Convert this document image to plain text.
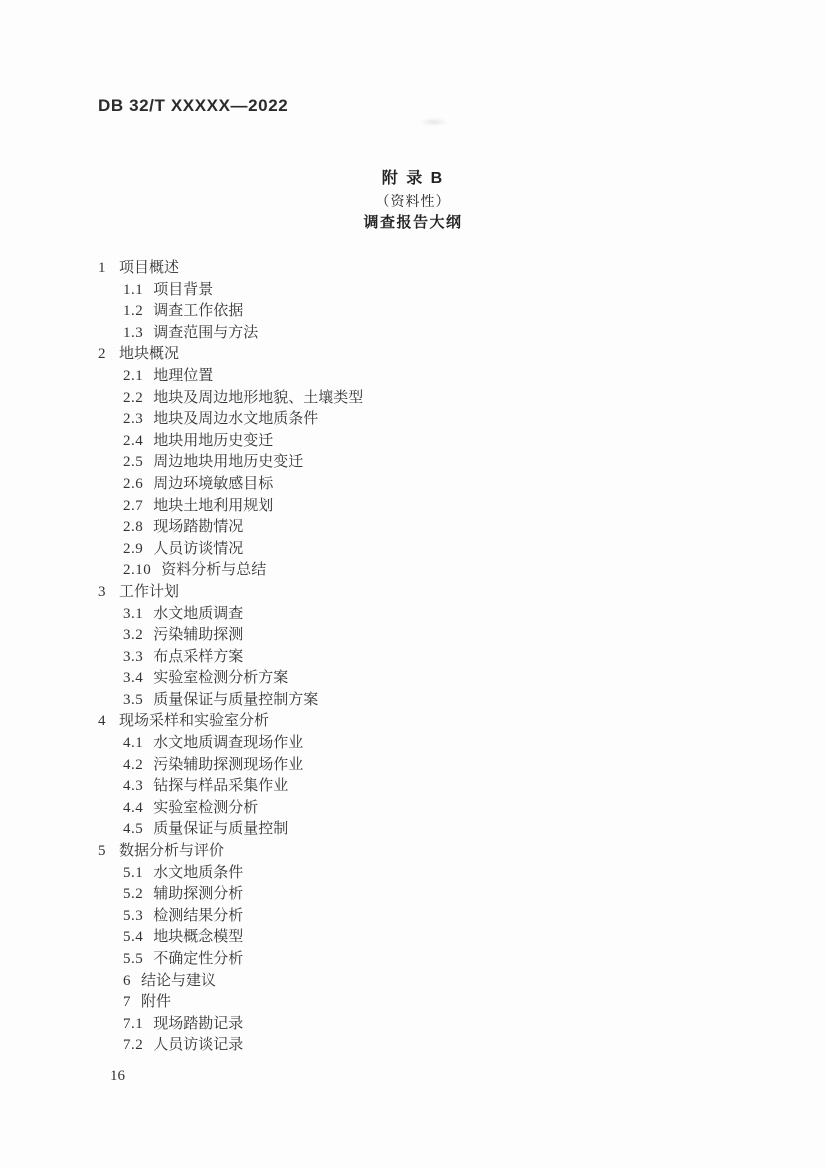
DB 32/T XXXXX—2022
附 录 B
（资料性）
调查报告大纲
1 项目概述
1.1 项目背景
1.2 调查工作依据
1.3 调查范围与方法
2 地块概况
2.1 地理位置
2.2 地块及周边地形地貌、土壤类型
2.3 地块及周边水文地质条件
2.4 地块用地历史变迁
2.5 周边地块用地历史变迁
2.6 周边环境敏感目标
2.7 地块土地利用规划
2.8 现场踏勘情况
2.9 人员访谈情况
2.10 资料分析与总结
3 工作计划
3.1 水文地质调查
3.2 污染辅助探测
3.3 布点采样方案
3.4 实验室检测分析方案
3.5 质量保证与质量控制方案
4 现场采样和实验室分析
4.1 水文地质调查现场作业
4.2 污染辅助探测现场作业
4.3 钻探与样品采集作业
4.4 实验室检测分析
4.5 质量保证与质量控制
5 数据分析与评价
5.1 水文地质条件
5.2 辅助探测分析
5.3 检测结果分析
5.4 地块概念模型
5.5 不确定性分析
6 结论与建议
7 附件
7.1 现场踏勘记录
7.2 人员访谈记录
16
